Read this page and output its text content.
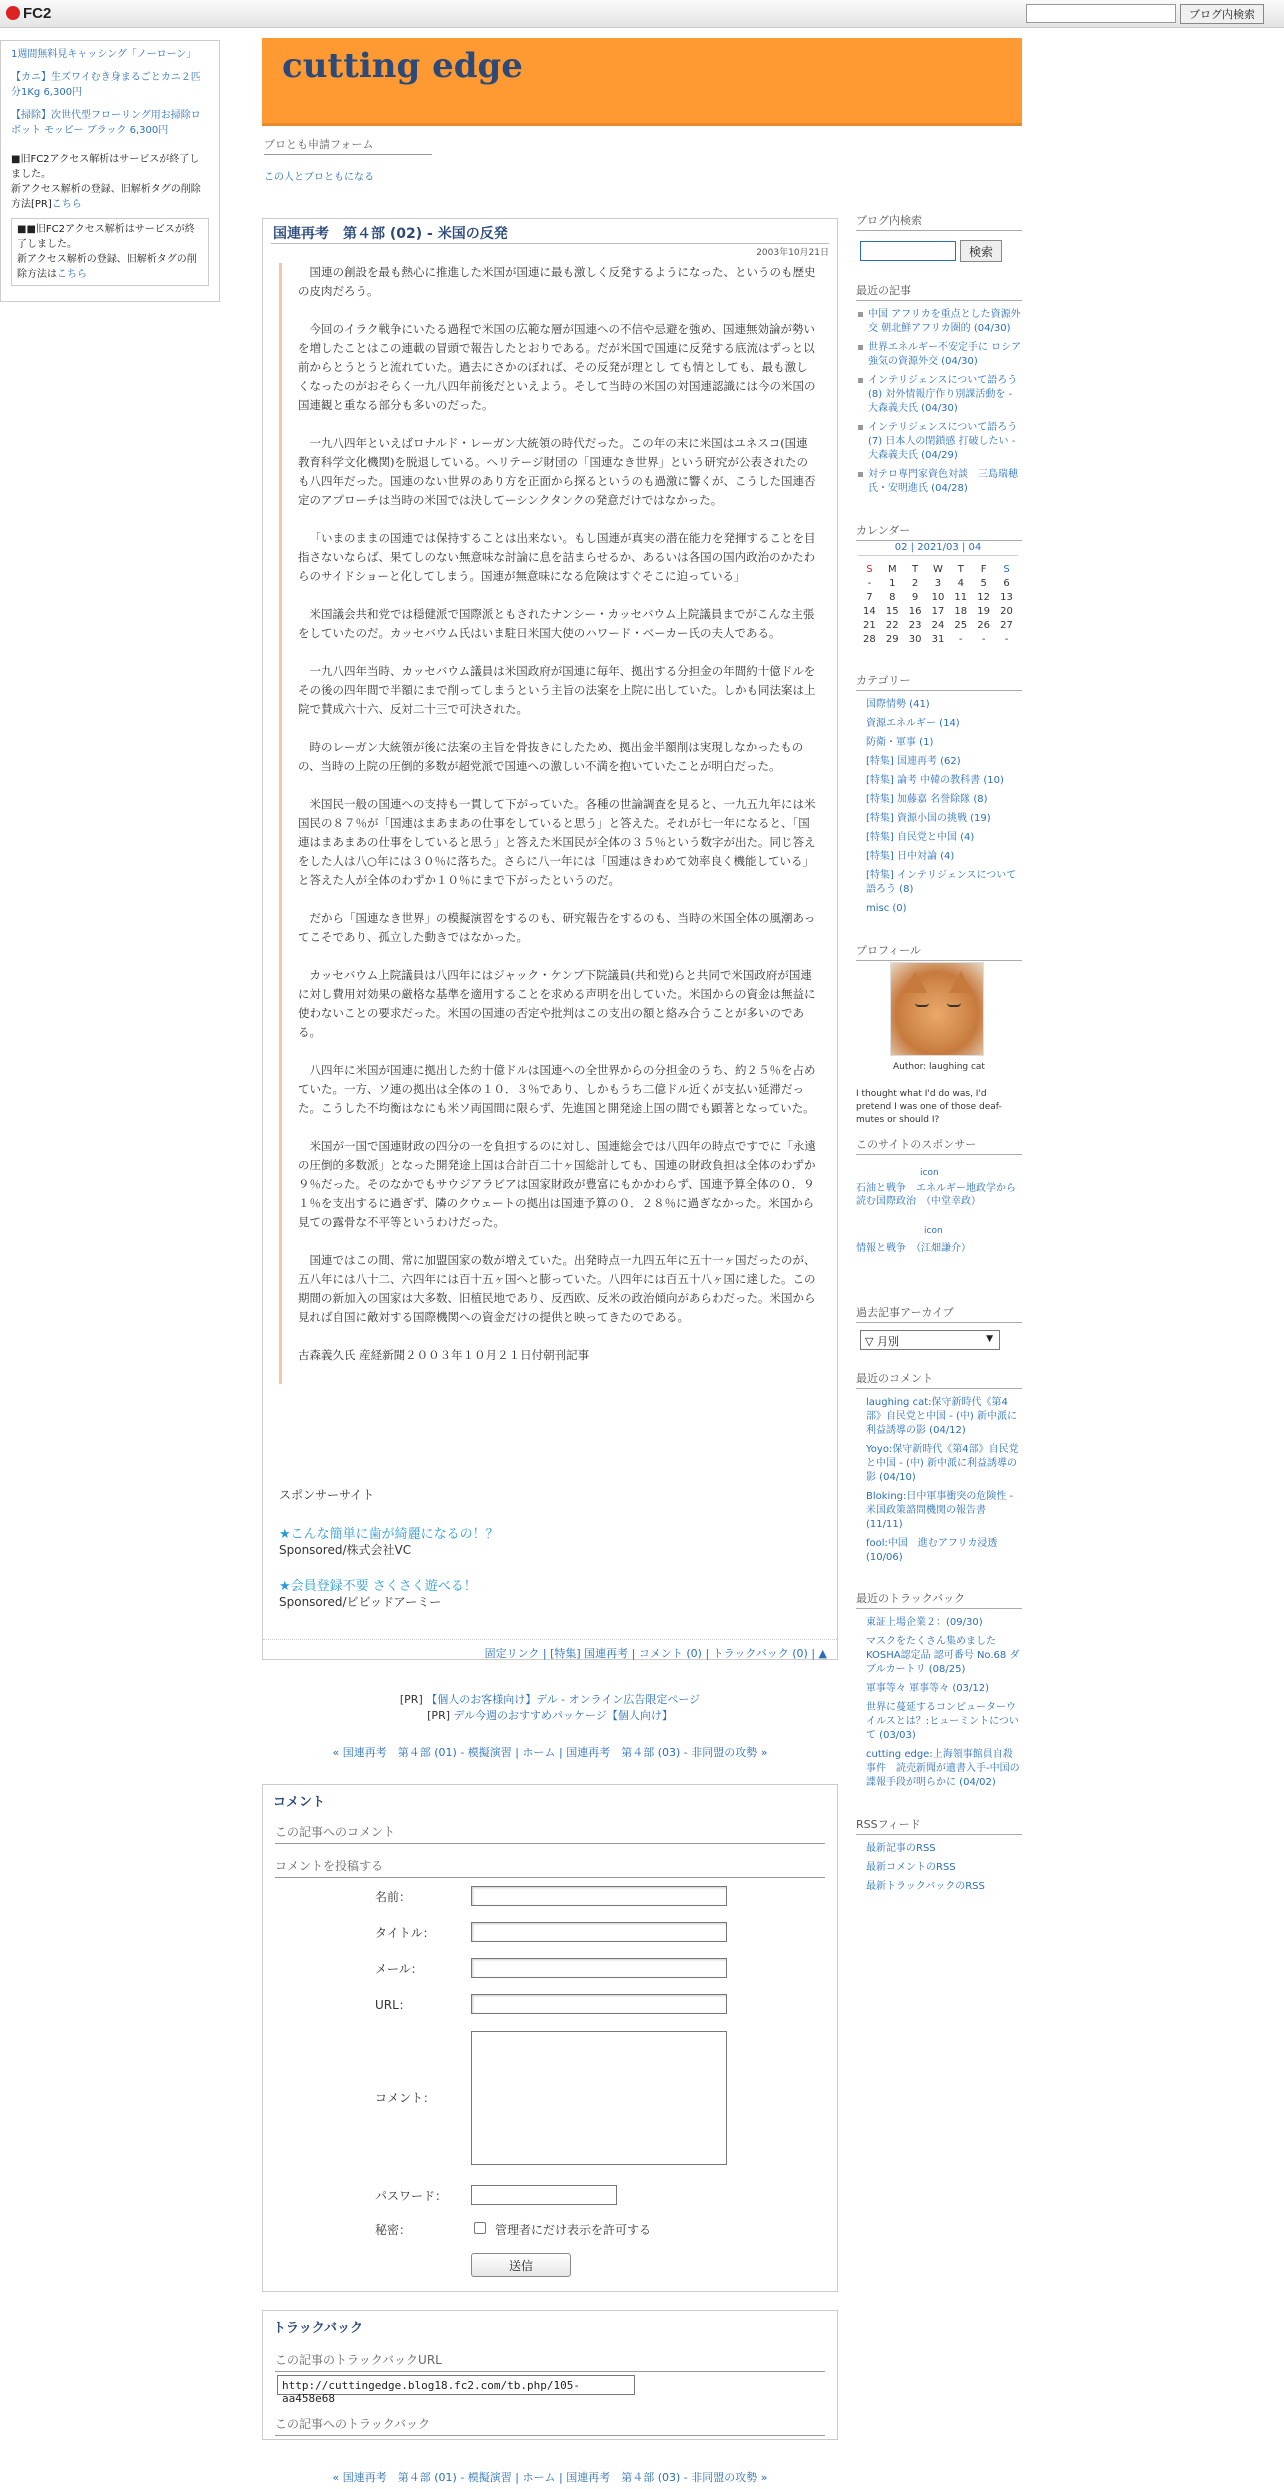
FC2	ブログ内検索
1週間無料見キャッシング「ノーローン」
【カニ】生ズワイむき身まるごとカニ２匹分1Kg 6,300円
【掃除】次世代型フローリング用お掃除ロボット モッピー ブラック 6,300円
■旧FC2アクセス解析はサービスが終了しました。
新アクセス解析の登録、旧解析タグの削除方法[PR]こちら
■■旧FC2アクセス解析はサービスが終了しました。
新アクセス解析の登録、旧解析タグの削除方法はこちら
cutting edge
ブロとも申請フォーム
この人とブロともになる
国連再考　第４部 (02) - 米国の反発
2003年10月21日

国連の創設を最も熱心に推進した米国が国連に最も激しく反発するようになった、というのも歴史の皮肉だろう。

今回のイラク戦争にいたる過程で米国の広範な層が国連への不信や忌避を強め、国連無効論が勢いを増したことはこの連載の冒頭で報告したとおりである。だが米国で国連に反発する底流はずっと以前からとうとうと流れていた。過去にさかのぼれば、その反発が理とし ても情としても、最も激しくなったのがおそらく一九八四年前後だといえよう。そして当時の米国の対国連認識には今の米国の国連観と重なる部分も多いのだった。

一九八四年といえばロナルド・レーガン大統領の時代だった。この年の末に米国はユネスコ(国連教育科学文化機関)を脱退している。ヘリテージ財団の「国連なき世界」という研究が公表されたのも八四年だった。国連のない世界のあり方を正面から探るというのも過激に響くが、こうした国連否定のアプローチは当時の米国では決してーシンクタンクの発意だけではなかった。

「いまのままの国連では保持することは出来ない。もし国連が真実の潜在能力を発揮することを目指さないならば、果てしのない無意味な討論に息を詰まらせるか、あるいは各国の国内政治のかたわらのサイドショーと化してしまう。国連が無意味になる危険はすぐそこに迫っている」

米国議会共和党では穏健派で国際派ともされたナンシー・カッセバウム上院議員までがこんな主張をしていたのだ。カッセバウム氏はいま駐日米国大使のハワード・ベーカー氏の夫人である。

一九八四年当時、カッセバウム議員は米国政府が国連に毎年、拠出する分担金の年間約十億ドルをその後の四年間で半額にまで削ってしまうという主旨の法案を上院に出していた。しかも同法案は上院で賛成六十六、反対二十三で可決された。

時のレーガン大統領が後に法案の主旨を骨抜きにしたため、拠出金半額削は実現しなかったものの、当時の上院の圧倒的多数が超党派で国連への激しい不満を抱いていたことが明白だった。

米国民一般の国連への支持も一貫して下がっていた。各種の世論調査を見ると、一九五九年には米国民の８７％が「国連はまあまあの仕事をしていると思う」と答えた。それが七一年になると、「国連はまあまあの仕事をしていると思う」と答えた米国民が全体の３５％という数字が出た。同じ答えをした人は八○年には３０％に落ちた。さらに八一年には「国連はきわめて効率良く機能している」と答えた人が全体のわずか１０％にまで下がったというのだ。

だから「国連なき世界」の模擬演習をするのも、研究報告をするのも、当時の米国全体の風潮あってこそであり、孤立した動きではなかった。

カッセバウム上院議員は八四年にはジャック・ケンプ下院議員(共和党)らと共同で米国政府が国連に対し費用対効果の厳格な基準を適用することを求める声明を出していた。米国からの資金は無益に使わないことの要求だった。米国の国連の否定や批判はこの支出の額と絡み合うことが多いのである。

八四年に米国が国連に拠出した約十億ドルは国連への全世界からの分担金のうち、約２５％を占めていた。一方、ソ連の拠出は全体の１０．３％であり、しかもうち二億ドル近くが支払い延滞だった。こうした不均衡はなにも米ソ両国間に限らず、先進国と開発途上国の間でも顕著となっていた。

米国が一国で国連財政の四分の一を負担するのに対し、国連総会では八四年の時点ですでに「永遠の圧倒的多数派」となった開発途上国は合計百二十ヶ国総計しても、国連の財政負担は全体のわずか９％だった。そのなかでもサウジアラビアは国家財政が豊富にもかかわらず、国連予算全体の０．９１％を支出するに過ぎず、隣のクウェートの拠出は国連予算の０．２８％に過ぎなかった。米国から見ての露骨な不平等というわけだった。

国連ではこの間、常に加盟国家の数が増えていた。出発時点一九四五年に五十一ヶ国だったのが、五八年には八十二、六四年には百十五ヶ国へと膨っていた。八四年には百五十八ヶ国に達した。この期間の新加入の国家は大多数、旧植民地であり、反西欧、反米の政治傾向があらわだった。米国から見れば自国に敵対する国際機関への資金だけの提供と映ってきたのである。

古森義久氏 産経新聞２００３年１０月２１日付朝刊記事

スポンサーサイト
★こんな簡単に歯が綺麗になるの！？
Sponsored/株式会社VC
★会員登録不要 さくさく遊べる！
Sponsored/ビビッドアーミー
固定リンク | [特集] 国連再考 | コメント (0) | トラックバック (0) | ▲
[PR] 【個人のお客様向け】デル - オンライン広告限定ページ
[PR] デル今週のおすすめパッケージ【個人向け】
« 国連再考　第４部 (01) - 模擬演習 | ホーム | 国連再考　第４部 (03) - 非同盟の攻勢 »
コメント
この記事へのコメント
コメントを投稿する
名前：
タイトル：
メール：
URL：
コメント：
パスワード：
秘密：	管理者にだけ表示を許可する
送信
トラックバック
この記事のトラックバックURL
http://cuttingedge.blog18.fc2.com/tb.php/105-aa458e68
この記事へのトラックバック
« 国連再考　第４部 (01) - 模擬演習 | ホーム | 国連再考　第４部 (03) - 非同盟の攻勢 »
ブログ内検索
検索
最近の記事
中国 アフリカを重点とした資源外交 朝北鮮アフリカ圏的 (04/30)
世界エネルギー不安定手に ロシア強気の資源外交 (04/30)
インテリジェンスについて語ろう(8) 対外情報庁作り別課活動を - 大森義夫氏 (04/30)
インテリジェンスについて語ろう(7) 日本人の閉鎖感 打破したい - 大森義夫氏 (04/29)
対テロ専門家資色対談　三島瑞穂氏・安明進氏 (04/28)
カレンダー
02 | 2021/03 | 04
S	M	T	W	T	F	S
-	1	2	3	4	5	6
7	8	9	10	11	12	13
14	15	16	17	18	19	20
21	22	23	24	25	26	27
28	29	30	31	-	-	-
カテゴリー
国際情勢 (41)
資源エネルギー (14)
防衛・軍事 (1)
[特集] 国連再考 (62)
[特集] 論考 中韓の教科書 (10)
[特集] 加藤嘉 名誉除隊 (8)
[特集] 資源小国の挑戦 (19)
[特集] 自民党と中国 (4)
[特集] 日中対論 (4)
[特集] インテリジェンスについて語ろう (8)
misc (0)
プロフィール
Author: laughing cat
I thought what I'd do was, I'd pretend I was one of those deaf-mutes or should I?
このサイトのスポンサー
icon
石油と戦争　エネルギー地政学から読む国際政治　（中堂幸政）
icon
情報と戦争　（江畑謙介）
過去記事アーカイブ
▽ 月別	▼
最近のコメント
laughing cat:保守新時代《第4部》自民党と中国 - (中) 新中派に利益誘導の影 (04/12)
Yoyo:保守新時代《第4部》自民党と中国 - (中) 新中派に利益誘導の影 (04/10)
Bloking:日中軍事衝突の危険性 - 米国政策諮問機関の報告書 (11/11)
fool:中国　進むアフリカ浸透 (10/06)
最近のトラックバック
東証上場企業２：(09/30)
マスクをたくさん集めましたKOSHA認定品 認可番号 No.68 ダブルカートリ (08/25)
軍事等々 軍事等々 (03/12)
世界に蔓延するコンピューターウイルスとは？:ヒューミントについて (03/03)
cutting edge:上海領事館員自殺事件　読売新聞が遺書入手-中国の諜報手段が明らかに (04/02)
RSSフィード
最新記事のRSS
最新コメントのRSS
最新トラックバックのRSS
